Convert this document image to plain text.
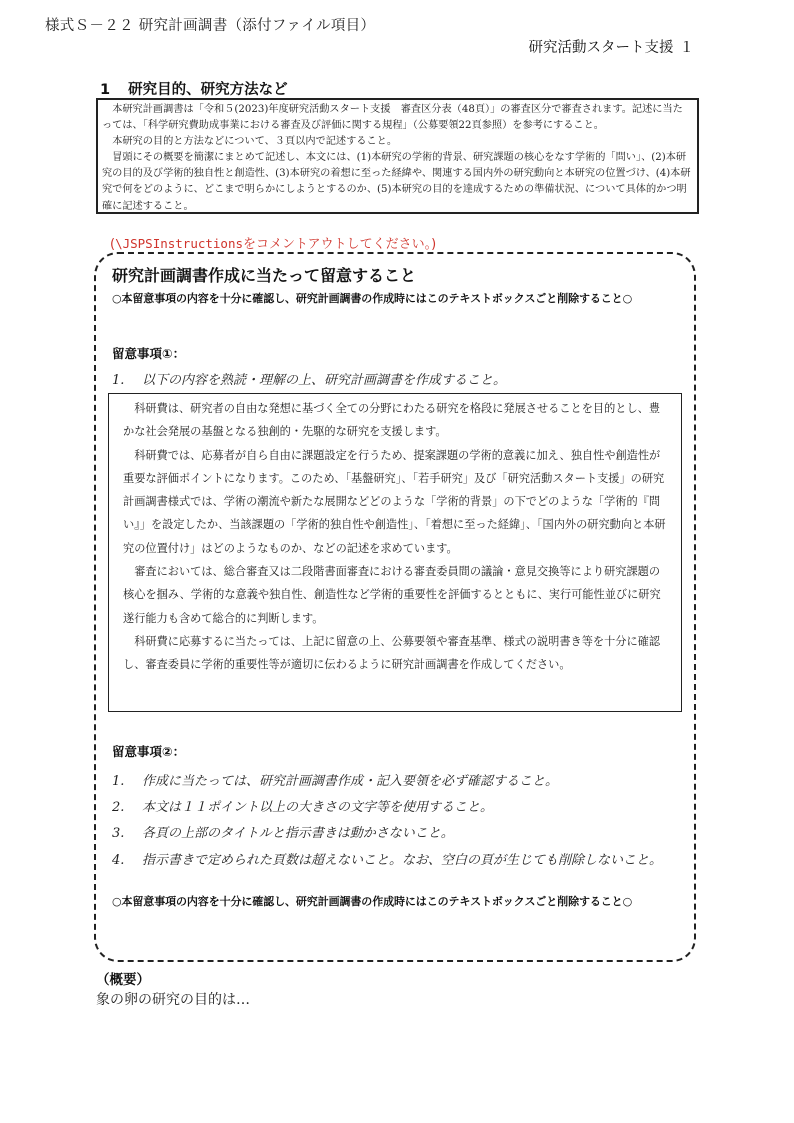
様式Ｓ－２２ 研究計画調書（添付ファイル項目）
研究活動スタート支援 １
1 研究目的、研究方法など

本研究計画調書は「令和５(2023)年度研究活動スタート支援　審査区分表（48頁）」の審査区分で審査されます。記述に当たっては、「科学研究費助成事業における審査及び評価に関する規程」（公募要領22頁参照）を参考にすること。

本研究の目的と方法などについて、３頁以内で記述すること。

冒頭にその概要を簡潔にまとめて記述し、本文には、(1)本研究の学術的背景、研究課題の核心をなす学術的「問い」、(2)本研究の目的及び学術的独自性と創造性、(3)本研究の着想に至った経緯や、関連する国内外の研究動向と本研究の位置づけ、(4)本研究で何をどのように、どこまで明らかにしようとするのか、(5)本研究の目的を達成するための準備状況、について具体的かつ明確に記述すること。

(\JSPSInstructionsをコメントアウトしてください。)
研究計画調書作成に当たって留意すること
○本留意事項の内容を十分に確認し、研究計画調書の作成時にはこのテキストボックスごと削除すること○
留意事項①：
1. 以下の内容を熟読・理解の上、研究計画調書を作成すること。

科研費は、研究者の自由な発想に基づく全ての分野にわたる研究を格段に発展させることを目的とし、豊かな社会発展の基盤となる独創的・先駆的な研究を支援します。

科研費では、応募者が自ら自由に課題設定を行うため、提案課題の学術的意義に加え、独自性や創造性が重要な評価ポイントになります。このため、「基盤研究」、「若手研究」及び「研究活動スタート支援」の研究計画調書様式では、学術の潮流や新たな展開などどのような「学術的背景」の下でどのような「学術的『問い』」を設定したか、当該課題の「学術的独自性や創造性」、「着想に至った経緯」、「国内外の研究動向と本研究の位置付け」はどのようなものか、などの記述を求めています。

審査においては、総合審査又は二段階書面審査における審査委員間の議論・意見交換等により研究課題の核心を掴み、学術的な意義や独自性、創造性など学術的重要性を評価するとともに、実行可能性並びに研究遂行能力も含めて総合的に判断します。

科研費に応募するに当たっては、上記に留意の上、公募要領や審査基準、様式の説明書き等を十分に確認し、審査委員に学術的重要性等が適切に伝わるように研究計画調書を作成してください。

留意事項②：
1. 作成に当たっては、研究計画調書作成・記入要領を必ず確認すること。
2. 本文は１１ポイント以上の大きさの文字等を使用すること。
3. 各頁の上部のタイトルと指示書きは動かさないこと。
4. 指示書きで定められた頁数は超えないこと。なお、空白の頁が生じても削除しないこと。
○本留意事項の内容を十分に確認し、研究計画調書の作成時にはこのテキストボックスごと削除すること○
（概要）
象の卵の研究の目的は…
